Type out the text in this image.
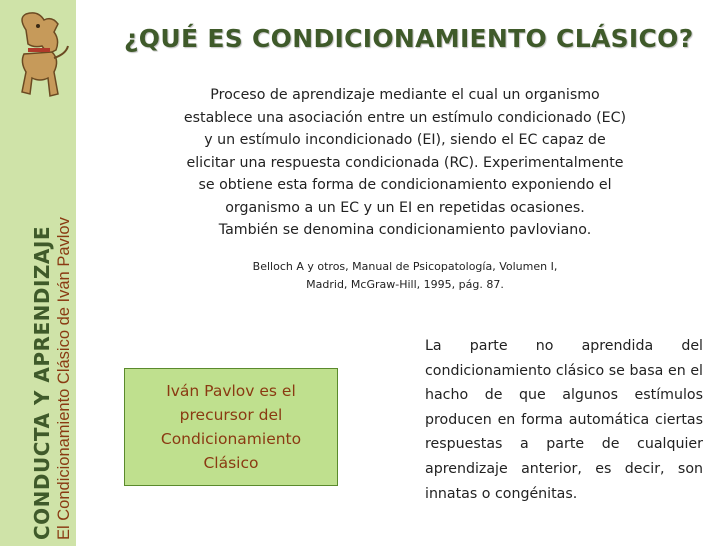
CONDUCTA Y APRENDIZAJE El Condicionamiento Clásico de Iván Pavlov
¿QUÉ ES CONDICIONAMIENTO CLÁSICO?
Proceso de aprendizaje mediante el cual un organismo
establece una asociación entre un estímulo condicionado (EC)
y un estímulo incondicionado (EI), siendo el EC capaz de
elicitar una respuesta condicionada (RC). Experimentalmente
se obtiene esta forma de condicionamiento exponiendo el
organismo a un EC y un EI en repetidas ocasiones.
También se denomina condicionamiento pavloviano.
Belloch A y otros, Manual de Psicopatología, Volumen I,
Madrid, McGraw-Hill, 1995, pág. 87.
Iván Pavlov es el
precursor del
Condicionamiento
Clásico
La parte no aprendida del condicionamiento clásico se basa en el hacho de que algunos estímulos producen en forma automática ciertas respuestas a parte de cualquier aprendizaje anterior, es decir, son innatas o congénitas.
